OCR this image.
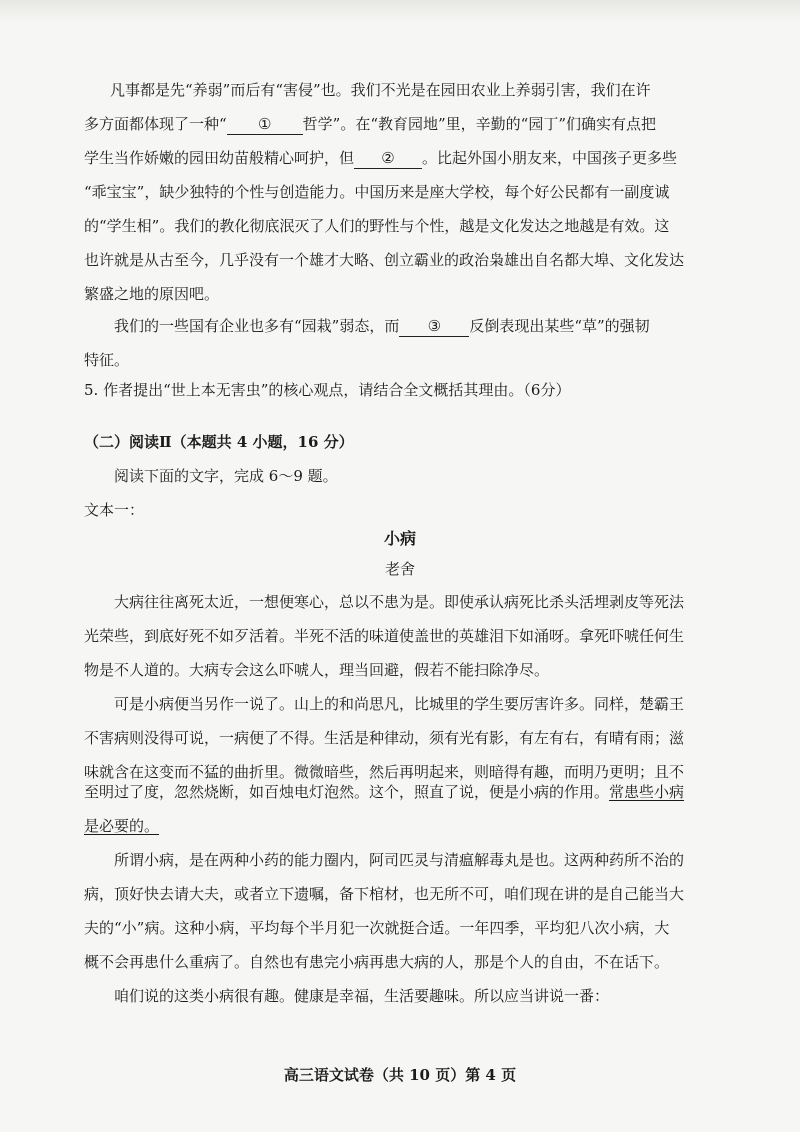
凡事都是先“养弱”而后有“害侵”也。我们不光是在园田农业上养弱引害，我们在许
多方面都体现了一种“ ① 哲学”。在“教育园地”里，辛勤的“园丁”们确实有点把
学生当作娇嫩的园田幼苗般精心呵护，但 ② 。比起外国小朋友来，中国孩子更多些
“乖宝宝”，缺少独特的个性与创造能力。中国历来是座大学校，每个好公民都有一副度诚
的“学生相”。我们的教化彻底泯灭了人们的野性与个性，越是文化发达之地越是有效。这
也许就是从古至今，几乎没有一个雄才大略、创立霸业的政治枭雄出自名都大埠、文化发达
繁盛之地的原因吧。
我们的一些国有企业也多有“园栽”弱态，而 ③ 反倒表现出某些“草”的强韧
特征。
5. 作者提出“世上本无害虫”的核心观点，请结合全文概括其理由。（6分）
（二）阅读Ⅱ（本题共 4 小题，16 分）
阅读下面的文字，完成 6～9 题。
文本一：
小病
老舍
大病往往离死太近，一想便寒心，总以不患为是。即使承认病死比杀头活埋剥皮等死法
光荣些，到底好死不如歹活着。半死不活的味道使盖世的英雄泪下如涌呀。拿死吓唬任何生
物是不人道的。大病专会这么吓唬人，理当回避，假若不能扫除净尽。
可是小病便当另作一说了。山上的和尚思凡，比城里的学生要厉害许多。同样，楚霸王
不害病则没得可说，一病便了不得。生活是种律动，须有光有影，有左有右，有晴有雨；滋
味就含在这变而不猛的曲折里。微微暗些，然后再明起来，则暗得有趣，而明乃更明；且不
至明过了度，忽然烧断，如百烛电灯泡然。这个，照直了说，便是小病的作用。常患些小病
是必要的。
所谓小病，是在两种小药的能力圈内，阿司匹灵与清瘟解毒丸是也。这两种药所不治的
病，顶好快去请大夫，或者立下遗嘱，备下棺材，也无所不可，咱们现在讲的是自己能当大
夫的“小”病。这种小病，平均每个半月犯一次就挺合适。一年四季，平均犯八次小病，大
概不会再患什么重病了。自然也有患完小病再患大病的人，那是个人的自由，不在话下。
咱们说的这类小病很有趣。健康是幸福，生活要趣味。所以应当讲说一番：
高三语文试卷（共 10 页）第 4 页
